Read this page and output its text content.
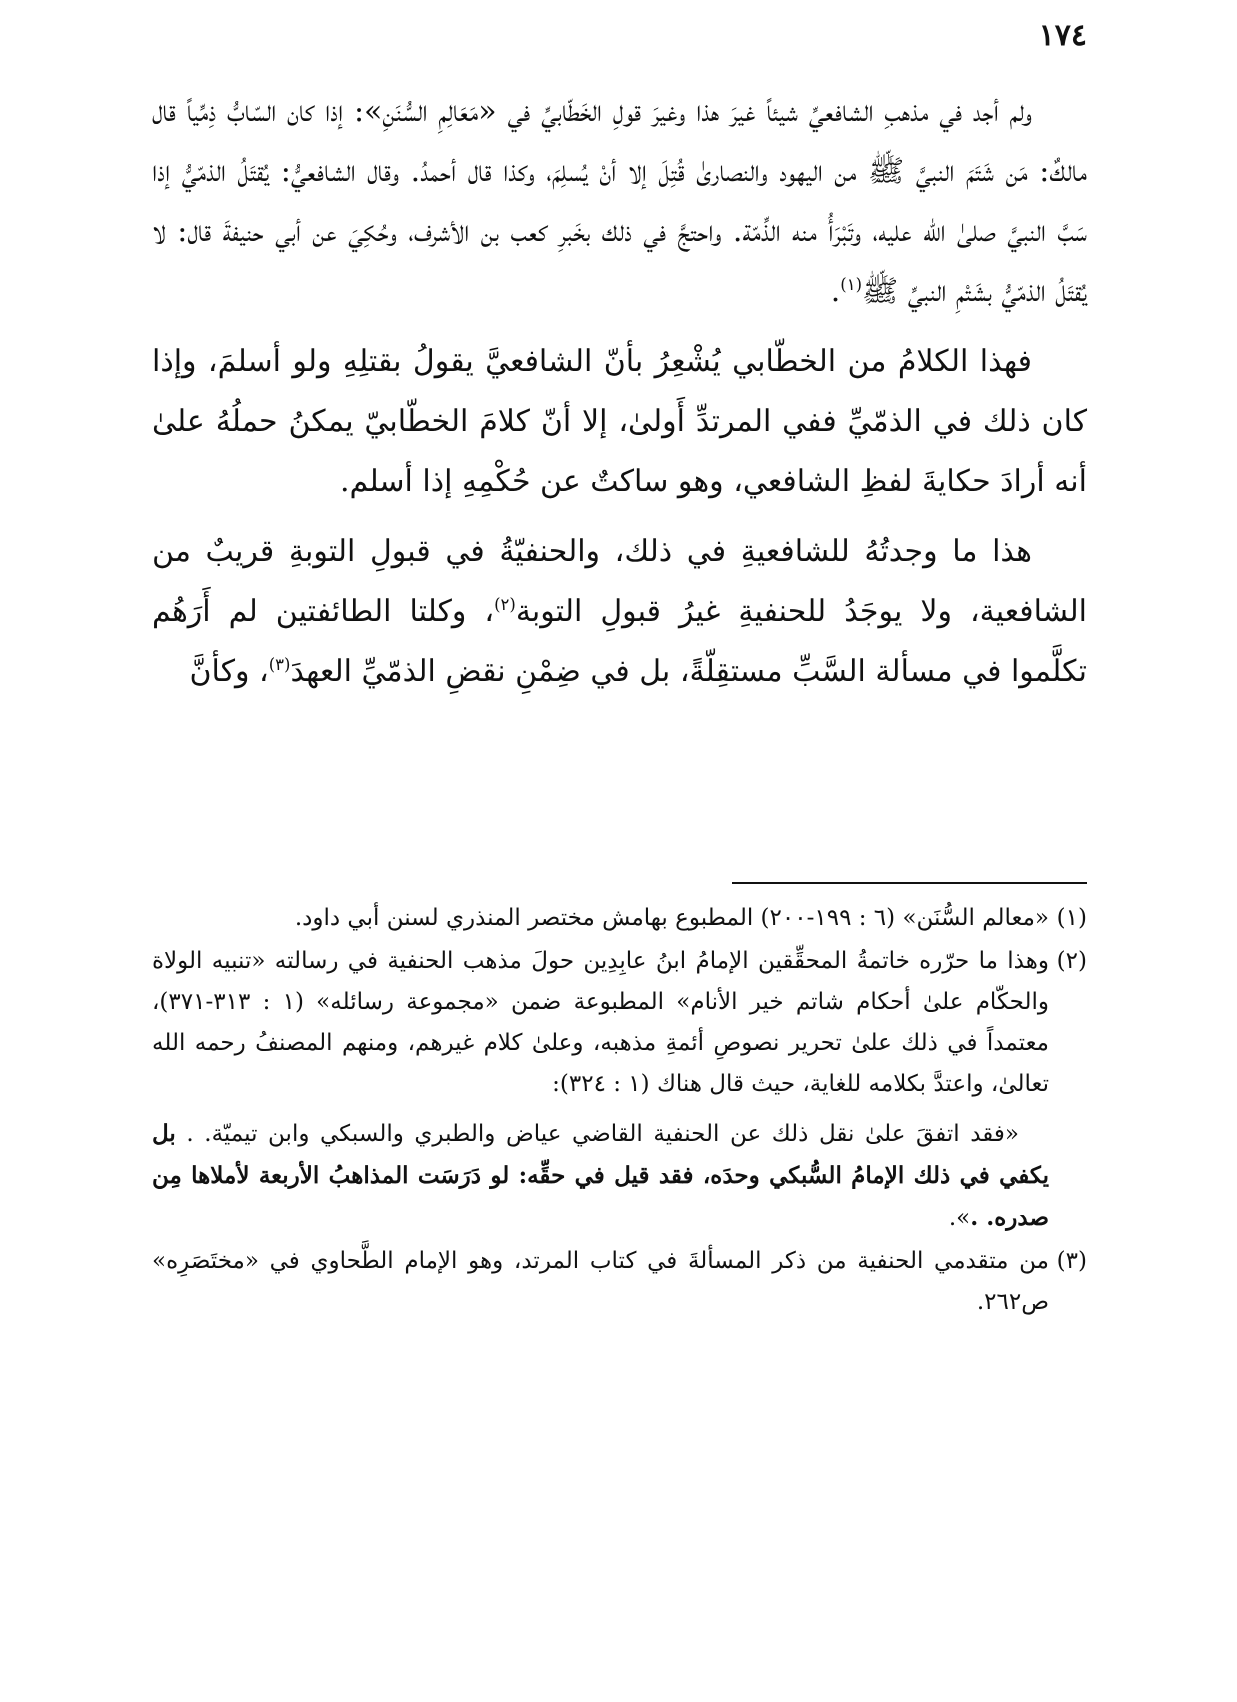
١٧٤

ولم أجد في مذهبِ الشافعيِّ شيئاً غيرَ هذا وغيرَ قولِ الخَطّابيِّ في «مَعَالِمِ السُّنَنِ»: إذا كان السّابُّ ذِمِّياً قال مالكٌ: مَن شَتَمَ النبيَّ ﷺ من اليهود والنصارىٰ قُتِلَ إلا أنْ يُسلِمَ، وكذا قال أحمدُ. وقال الشافعيُّ: يُقتَلُ الذمّيُّ إذا سَبَّ النبيَّ صلىٰ الله عليه، وتَبْرَأُ منه الذِّمّة. واحتجَّ في ذلك بخَبرِ كعب بن الأشرف، وحُكِيَ عن أبي حنيفةَ قال: لا يُقتَلُ الذمّيُّ بشَتْمِ النبيِّ ﷺ$^{(١)}$.

فهذا الكلامُ من الخطّابي يُشْعِرُ بأنّ الشافعيَّ يقولُ بقتلِهِ ولو أسلمَ، وإذا كان ذلك في الذمّيِّ ففي المرتدِّ أَولىٰ، إلا أنّ كلامَ الخطّابيّ يمكنُ حملُهُ علىٰ أنه أرادَ حكايةَ لفظِ الشافعي، وهو ساكتٌ عن حُكْمِهِ إذا أسلم.

هذا ما وجدتُهُ للشافعيةِ في ذلك، والحنفيّةُ في قبولِ التوبةِ قريبٌ من الشافعية، ولا يوجَدُ للحنفيةِ غيرُ قبولِ التوبة$^{(٢)}$، وكلتا الطائفتين لم أَرَهُم تكلَّموا في مسألة السَّبِّ مستقِلّةً، بل في ضِمْنِ نقضِ الذمّيِّ العهدَ$^{(٣)}$، وكأنَّ

(١)
«معالم السُّنَن» (٦ : ١٩٩-٢٠٠) المطبوع بهامش مختصر المنذري لسنن أبي داود.
(٢)
وهذا ما حرّره خاتمةُ المحقِّقين الإمامُ ابنُ عابِدِين حولَ مذهب الحنفية في رسالته «تنبيه الولاة والحكّام علىٰ أحكام شاتم خير الأنام» المطبوعة ضمن «مجموعة رسائله» (١ : ٣١٣-٣٧١)، معتمداً في ذلك علىٰ تحرير نصوصِ أئمةِ مذهبه، وعلىٰ كلام غيرهم، ومنهم المصنفُ رحمه الله تعالىٰ، واعتدَّ بكلامه للغاية، حيث قال هناك (١ : ٣٢٤):
«فقد اتفقَ علىٰ نقل ذلك عن الحنفية القاضي عياض والطبري والسبكي وابن تيميّة. . بل يكفي في ذلك الإمامُ السُّبكي وحدَه، فقد قيل في حقِّه: لو دَرَسَت المذاهبُ الأربعة لأملاها مِن صدره. .».
(٣)
من متقدمي الحنفية من ذكر المسألةَ في كتاب المرتد، وهو الإمام الطَّحاوي في «مختَصَرِه» ص٢٦٢.
